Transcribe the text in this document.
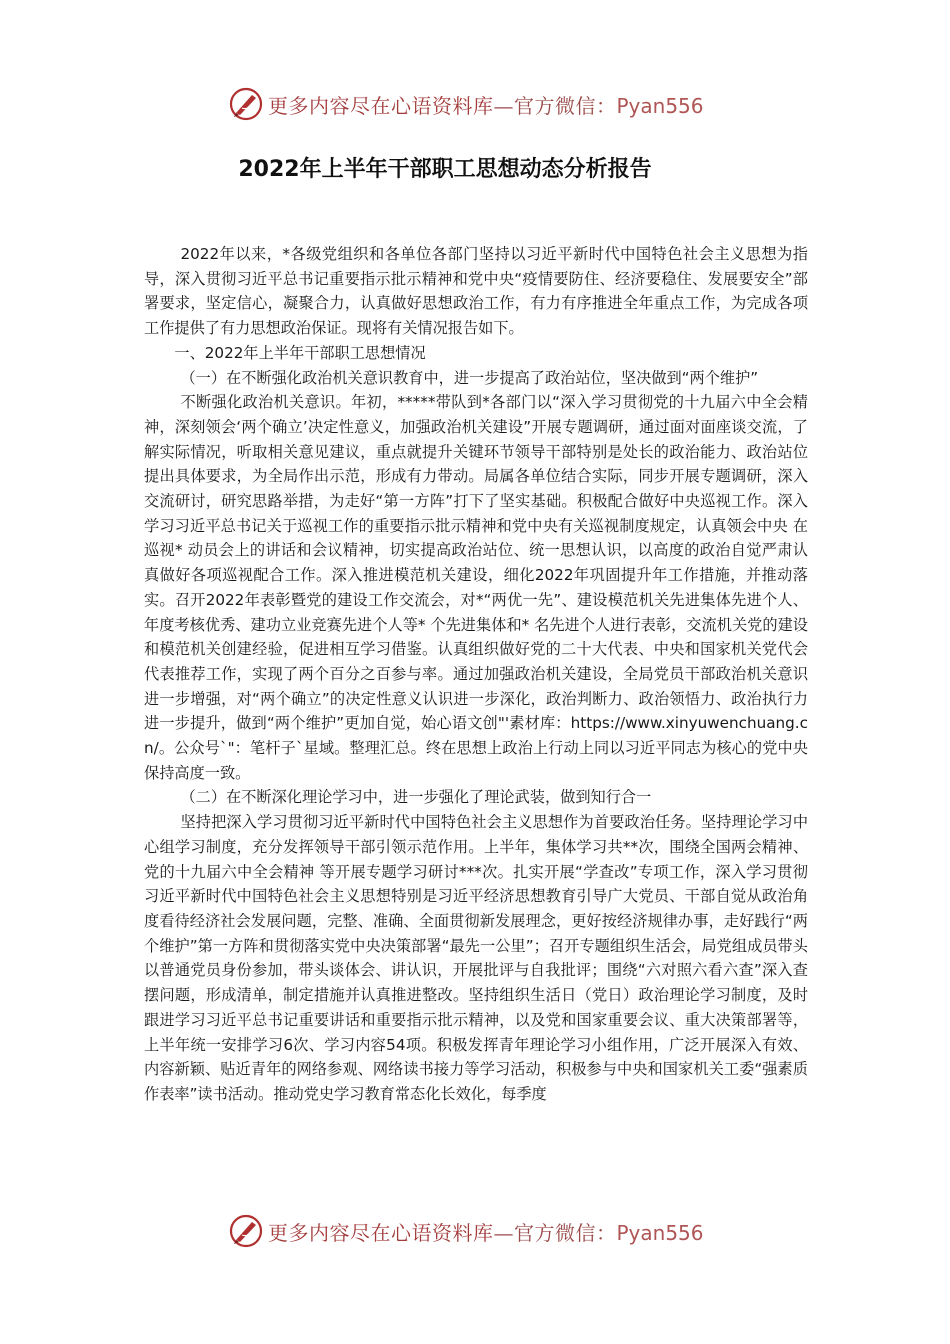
更多内容尽在心语资料库—官方微信：Pyan556
2022年上半年干部职工思想动态分析报告

2022年以来，*各级党组织和各单位各部门坚持以习近平新时代中国特色社会主义思想为指导，深入贯彻习近平总书记重要指示批示精神和党中央“疫情要防住、经济要稳住、发展要安全”部署要求，坚定信心，凝聚合力，认真做好思想政治工作，有力有序推进全年重点工作，为完成各项工作提供了有力思想政治保证。现将有关情况报告如下。

一、2022年上半年干部职工思想情况

（一）在不断强化政治机关意识教育中，进一步提高了政治站位，坚决做到“两个维护”

不断强化政治机关意识。年初，*****带队到*各部门以“深入学习贯彻党的十九届六中全会精神，深刻领会‘两个确立’决定性意义，加强政治机关建设”开展专题调研，通过面对面座谈交流，了解实际情况，听取相关意见建议，重点就提升关键环节领导干部特别是处长的政治能力、政治站位提出具体要求，为全局作出示范，形成有力带动。局属各单位结合实际，同步开展专题调研，深入交流研讨，研究思路举措，为走好“第一方阵”打下了坚实基础。积极配合做好中央巡视工作。深入学习习近平总书记关于巡视工作的重要指示批示精神和党中央有关巡视制度规定，认真领会中央 在巡视* 动员会上的讲话和会议精神，切实提高政治站位、统一思想认识，以高度的政治自觉严肃认真做好各项巡视配合工作。深入推进模范机关建设，细化2022年巩固提升年工作措施，并推动落实。召开2022年表彰暨党的建设工作交流会，对*“两优一先”、建设模范机关先进集体先进个人、年度考核优秀、建功立业竞赛先进个人等* 个先进集体和* 名先进个人进行表彰，交流机关党的建设和模范机关创建经验，促进相互学习借鉴。认真组织做好党的二十大代表、中央和国家机关党代会代表推荐工作，实现了两个百分之百参与率。通过加强政治机关建设，全局党员干部政治机关意识进一步增强，对“两个确立”的决定性意义认识进一步深化，政治判断力、政治领悟力、政治执行力进一步提升，做到“两个维护”更加自觉，始心语文创"'素材库：https://www.xinyuwenchuang.cn/。公众号`"：笔杆子`星域。整理汇总。终在思想上政治上行动上同以习近平同志为核心的党中央保持高度一致。

（二）在不断深化理论学习中，进一步强化了理论武装，做到知行合一

坚持把深入学习贯彻习近平新时代中国特色社会主义思想作为首要政治任务。坚持理论学习中心组学习制度，充分发挥领导干部引领示范作用。上半年，集体学习共**次，围绕全国两会精神、党的十九届六中全会精神 等开展专题学习研讨***次。扎实开展“学查改”专项工作，深入学习贯彻习近平新时代中国特色社会主义思想特别是习近平经济思想教育引导广大党员、干部自觉从政治角度看待经济社会发展问题，完整、准确、全面贯彻新发展理念，更好按经济规律办事，走好践行“两个维护”第一方阵和贯彻落实党中央决策部署“最先一公里”；召开专题组织生活会，局党组成员带头以普通党员身份参加，带头谈体会、讲认识，开展批评与自我批评；围绕“六对照六看六查”深入查摆问题，形成清单，制定措施并认真推进整改。坚持组织生活日（党日）政治理论学习制度，及时跟进学习习近平总书记重要讲话和重要指示批示精神，以及党和国家重要会议、重大决策部署等，上半年统一安排学习6次、学习内容54项。积极发挥青年理论学习小组作用，广泛开展深入有效、内容新颖、贴近青年的网络参观、网络读书接力等学习活动，积极参与中央和国家机关工委“强素质 作表率”读书活动。推动党史学习教育常态化长效化，每季度

更多内容尽在心语资料库—官方微信：Pyan556
